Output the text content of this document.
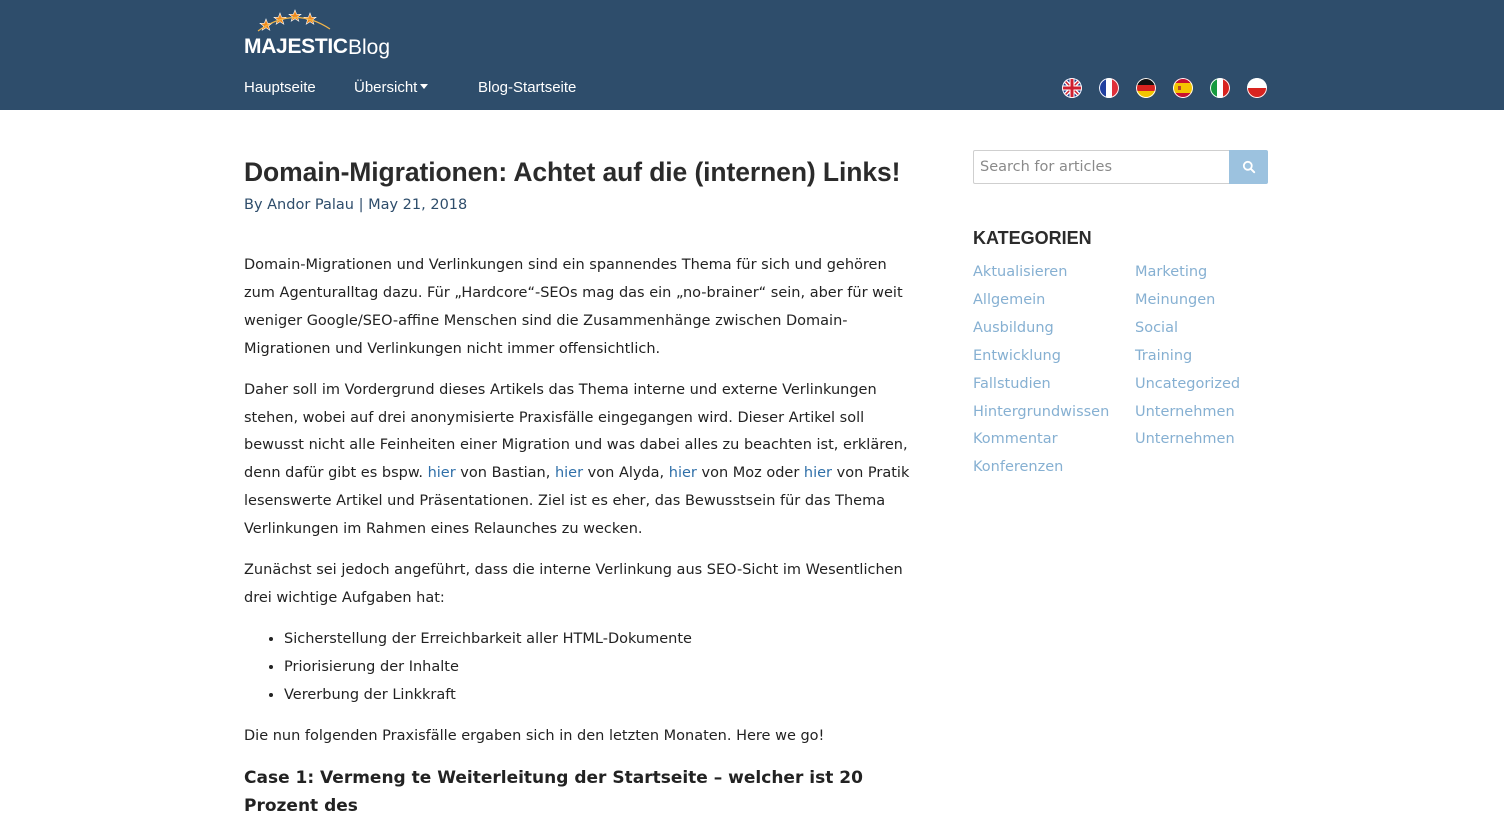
MAJESTIC Blog
Hauptseite	Übersicht	Blog-Startseite
Domain-Migrationen: Achtet auf die (internen) Links!
By Andor Palau | May 21, 2018

Domain-Migrationen und Verlinkungen sind ein spannendes Thema für sich und gehören zum Agenturalltag dazu. Für „Hardcore“-SEOs mag das ein „no-brainer“ sein, aber für weit weniger Google/SEO-affine Menschen sind die Zusammenhänge zwischen Domain-Migrationen und Verlinkungen nicht immer offensichtlich.

Daher soll im Vordergrund dieses Artikels das Thema interne und externe Verlinkungen stehen, wobei auf drei anonymisierte Praxisfälle eingegangen wird. Dieser Artikel soll bewusst nicht alle Feinheiten einer Migration und was dabei alles zu beachten ist, erklären, denn dafür gibt es bspw. hier von Bastian, hier von Alyda, hier von Moz oder hier von Pratik lesenswerte Artikel und Präsentationen. Ziel ist es eher, das Bewusstsein für das Thema Verlinkungen im Rahmen eines Relaunches zu wecken.

Zunächst sei jedoch angeführt, dass die interne Verlinkung aus SEO-Sicht im Wesentlichen drei wichtige Aufgaben hat:

• Sicherstellung der Erreichbarkeit aller HTML-Dokumente
• Priorisierung der Inhalte
• Vererbung der Linkkraft

Die nun folgenden Praxisfälle ergaben sich in den letzten Monaten. Here we go!

Case 1: Vermeng te Weiterleitung der Startseite – welcher ist 20 Prozent des
Search for articles
KATEGORIEN
Aktualisieren
Allgemein
Ausbildung
Entwicklung
Fallstudien
Hintergrundwissen
Kommentar
Konferenzen
Marketing
Meinungen
Social
Training
Uncategorized
Unternehmen
Unternehmen
